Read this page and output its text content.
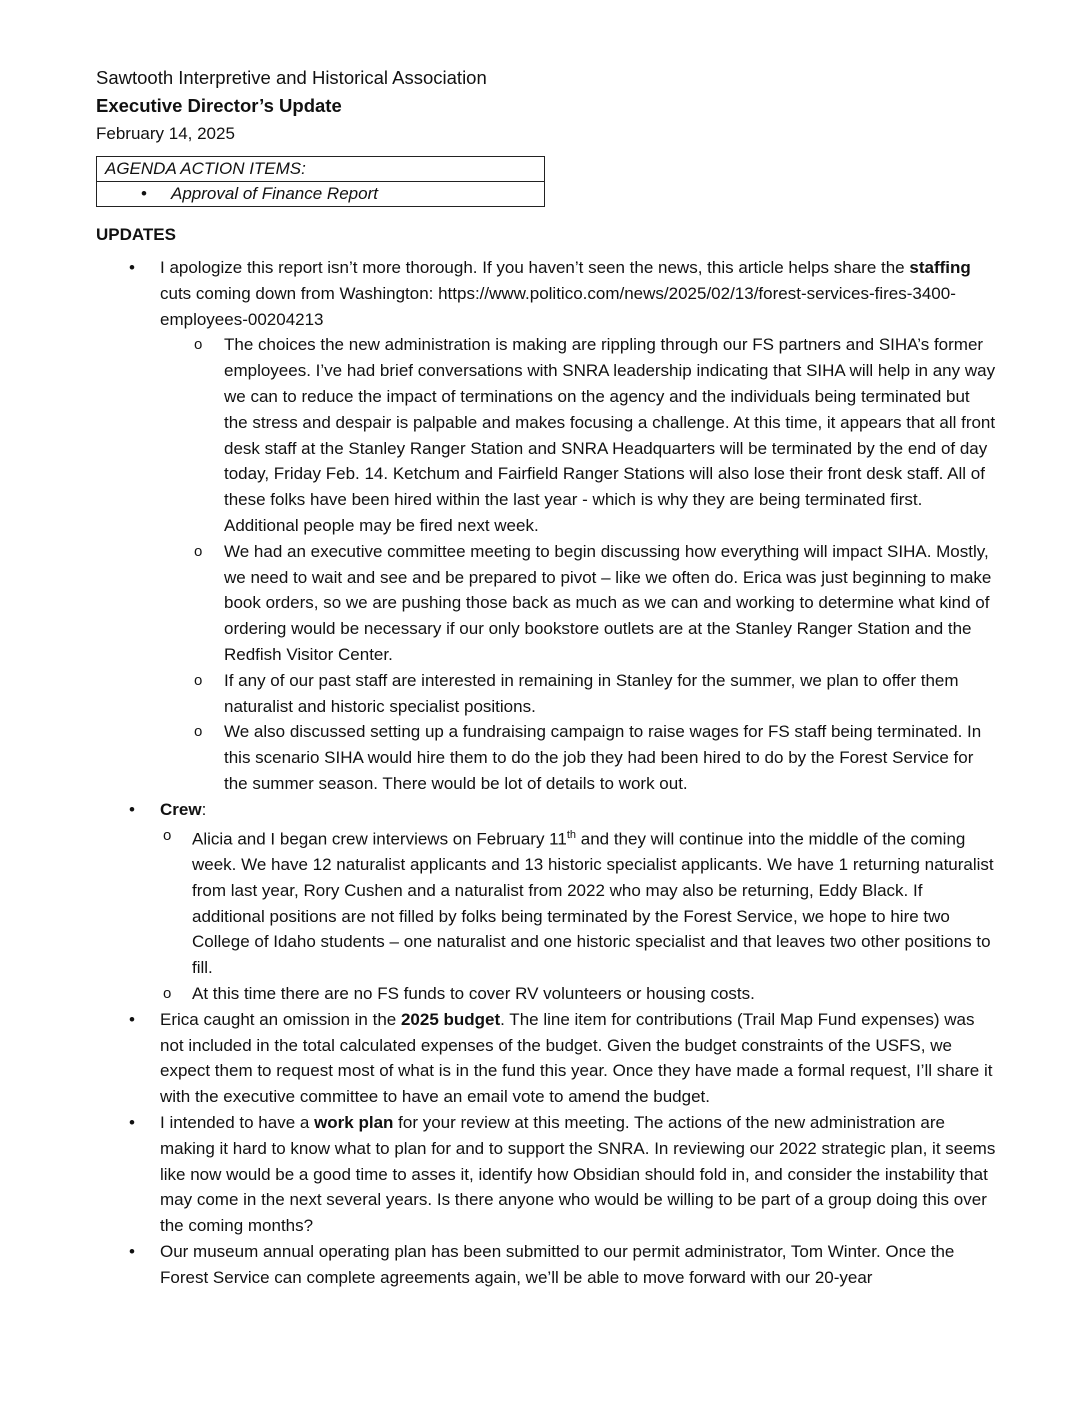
Sawtooth Interpretive and Historical Association
Executive Director’s Update
February 14, 2025
AGENDA ACTION ITEMS:
• Approval of Finance Report
UPDATES
• I apologize this report isn’t more thorough. If you haven’t seen the news, this article helps share the staffing cuts coming down from Washington: https://www.politico.com/news/2025/02/13/forest-services-fires-3400-employees-00204213
o The choices the new administration is making are rippling through our FS partners and SIHA’s former employees. I’ve had brief conversations with SNRA leadership indicating that SIHA will help in any way we can to reduce the impact of terminations on the agency and the individuals being terminated but the stress and despair is palpable and makes focusing a challenge. At this time, it appears that all front desk staff at the Stanley Ranger Station and SNRA Headquarters will be terminated by the end of day today, Friday Feb. 14. Ketchum and Fairfield Ranger Stations will also lose their front desk staff. All of these folks have been hired within the last year - which is why they are being terminated first. Additional people may be fired next week.
o We had an executive committee meeting to begin discussing how everything will impact SIHA. Mostly, we need to wait and see and be prepared to pivot – like we often do. Erica was just beginning to make book orders, so we are pushing those back as much as we can and working to determine what kind of ordering would be necessary if our only bookstore outlets are at the Stanley Ranger Station and the Redfish Visitor Center.
o If any of our past staff are interested in remaining in Stanley for the summer, we plan to offer them naturalist and historic specialist positions.
o We also discussed setting up a fundraising campaign to raise wages for FS staff being terminated. In this scenario SIHA would hire them to do the job they had been hired to do by the Forest Service for the summer season. There would be lot of details to work out.
• Crew:
o Alicia and I began crew interviews on February 11th and they will continue into the middle of the coming week. We have 12 naturalist applicants and 13 historic specialist applicants. We have 1 returning naturalist from last year, Rory Cushen and a naturalist from 2022 who may also be returning, Eddy Black. If additional positions are not filled by folks being terminated by the Forest Service, we hope to hire two College of Idaho students – one naturalist and one historic specialist and that leaves two other positions to fill.
o At this time there are no FS funds to cover RV volunteers or housing costs.
• Erica caught an omission in the 2025 budget. The line item for contributions (Trail Map Fund expenses) was not included in the total calculated expenses of the budget. Given the budget constraints of the USFS, we expect them to request most of what is in the fund this year. Once they have made a formal request, I’ll share it with the executive committee to have an email vote to amend the budget.
• I intended to have a work plan for your review at this meeting. The actions of the new administration are making it hard to know what to plan for and to support the SNRA. In reviewing our 2022 strategic plan, it seems like now would be a good time to asses it, identify how Obsidian should fold in, and consider the instability that may come in the next several years. Is there anyone who would be willing to be part of a group doing this over the coming months?
• Our museum annual operating plan has been submitted to our permit administrator, Tom Winter. Once the Forest Service can complete agreements again, we’ll be able to move forward with our 20-year
